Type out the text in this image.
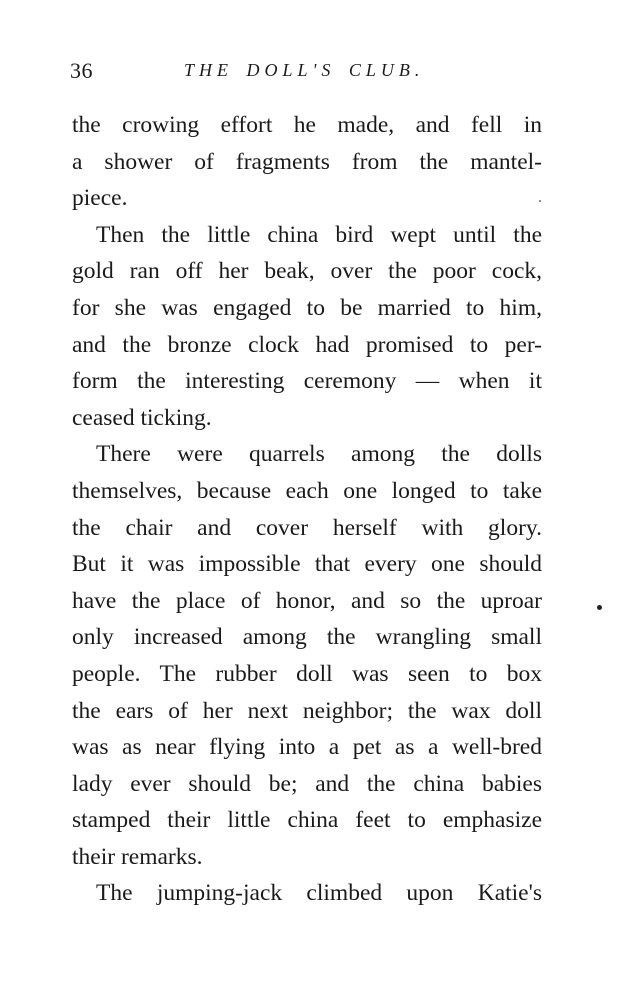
36	THE DOLL'S CLUB.
the crowing effort he made, and fell in
a shower of fragments from the mantel-
piece.
Then the little china bird wept until the
gold ran off her beak, over the poor cock,
for she was engaged to be married to him,
and the bronze clock had promised to per-
form the interesting ceremony — when it
ceased ticking.
There were quarrels among the dolls
themselves, because each one longed to take
the chair and cover herself with glory.
But it was impossible that every one should
have the place of honor, and so the uproar
only increased among the wrangling small
people. The rubber doll was seen to box
the ears of her next neighbor; the wax doll
was as near flying into a pet as a well-bred
lady ever should be; and the china babies
stamped their little china feet to emphasize
their remarks.
The jumping-jack climbed upon Katie's
